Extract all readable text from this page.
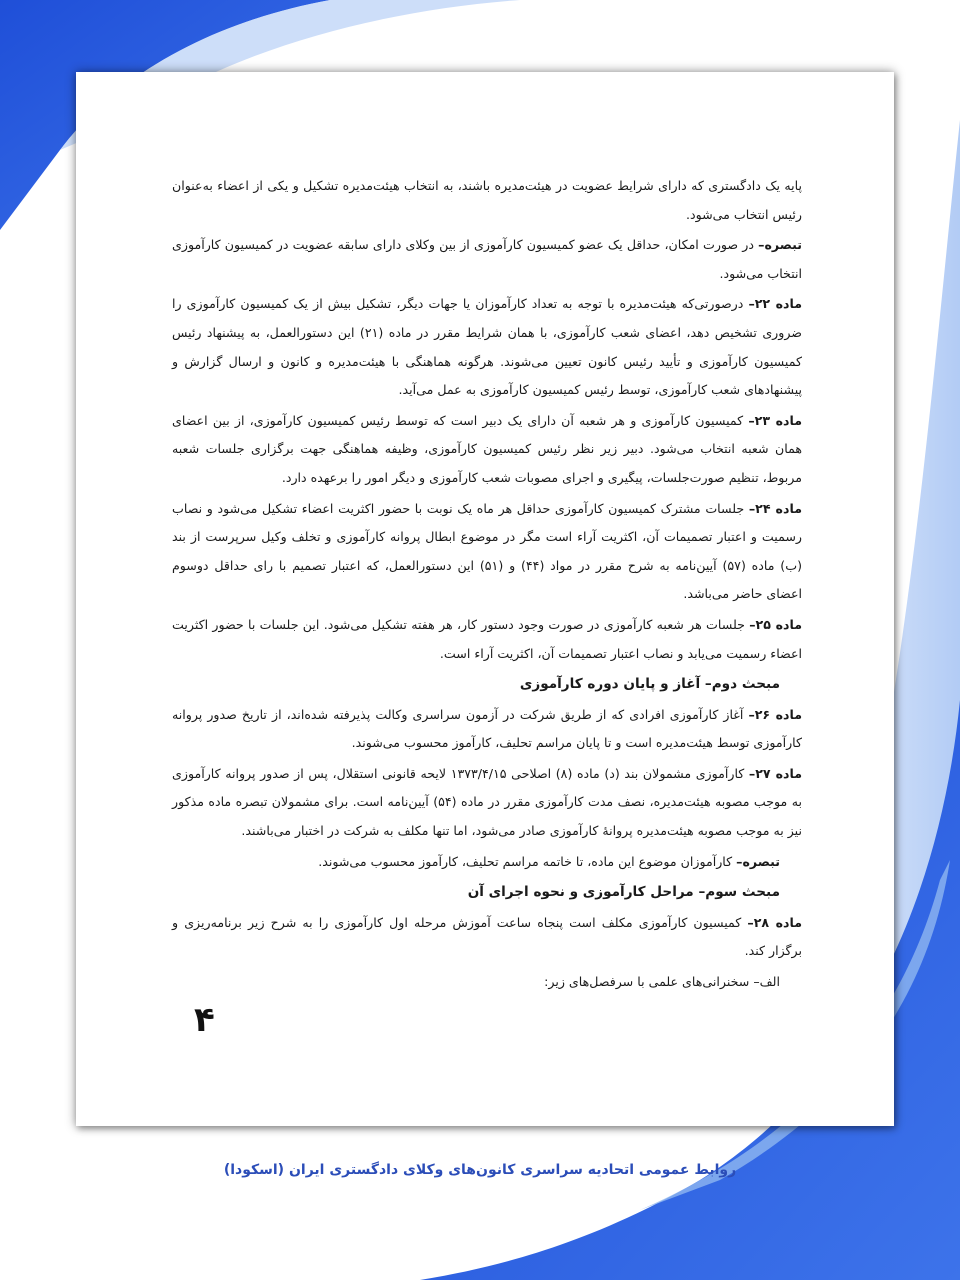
پایه یک دادگستری که دارای شرایط عضویت در هیئت‌مدیره باشند، به انتخاب هیئت‌مدیره تشکیل و یکی از اعضاء به‌عنوان رئیس انتخاب می‌شود.

تبصره– در صورت امکان، حداقل یک عضو کمیسیون کارآموزی از بین وکلای دارای سابقه عضویت در کمیسیون کارآموزی انتخاب می‌شود.

ماده ۲۲– درصورتی‌که هیئت‌مدیره با توجه به تعداد کارآموزان یا جهات دیگر، تشکیل بیش از یک کمیسیون کارآموزی را ضروری تشخیص دهد، اعضای شعب کارآموزی، با همان شرایط مقرر در ماده (۲۱) این دستورالعمل، به پیشنهاد رئیس کمیسیون کارآموزی و تأیید رئیس کانون تعیین می‌شوند. هرگونه هماهنگی با هیئت‌مدیره و کانون و ارسال گزارش و پیشنهادهای شعب کارآموزی، توسط رئیس کمیسیون کارآموزی به عمل می‌آید.

ماده ۲۳– کمیسیون کارآموزی و هر شعبه آن دارای یک دبیر است که توسط رئیس کمیسیون کارآموزی، از بین اعضای همان شعبه انتخاب می‌شود. دبیر زیر نظر رئیس کمیسیون کارآموزی، وظیفه هماهنگی جهت برگزاری جلسات شعبه مربوط، تنظیم صورت‌جلسات، پیگیری و اجرای مصوبات شعب کارآموزی و دیگر امور را برعهده دارد.

ماده ۲۴– جلسات مشترک کمیسیون کارآموزی حداقل هر ماه یک نوبت با حضور اکثریت اعضاء تشکیل می‌شود و نصاب رسمیت و اعتبار تصمیمات آن، اکثریت آراء است مگر در موضوع ابطال پروانه کارآموزی و تخلف وکیل سرپرست از بند (ب) ماده (۵۷) آیین‌نامه به شرح مقرر در مواد (۴۴) و (۵۱) این دستورالعمل، که اعتبار تصمیم با رای حداقل دوسوم اعضای حاضر می‌باشد.

ماده ۲۵– جلسات هر شعبه کارآموزی در صورت وجود دستور کار، هر هفته تشکیل می‌شود. این جلسات با حضور اکثریت اعضاء رسمیت می‌یابد و نصاب اعتبار تصمیمات آن، اکثریت آراء است.

مبحث دوم– آغاز و پایان دوره کارآموزی

ماده ۲۶– آغاز کارآموزی افرادی که از طریق شرکت در آزمون سراسری وکالت پذیرفته شده‌اند، از تاریخ صدور پروانه کارآموزی توسط هیئت‌مدیره است و تا پایان مراسم تحلیف، کارآموز محسوب می‌شوند.

ماده ۲۷– کارآموزی مشمولان بند (د) ماده (۸) اصلاحی ۱۳۷۳/۴/۱۵ لایحه قانونی استقلال، پس از صدور پروانه کارآموزی به موجب مصوبه هیئت‌مدیره، نصف مدت کارآموزی مقرر در ماده (۵۴) آیین‌نامه است. برای مشمولان تبصره ماده مذکور نیز به موجب مصوبه هیئت‌مدیره پروانهٔ کارآموزی صادر می‌شود، اما تنها مکلف به شرکت در اختبار می‌باشند.

تبصره– کارآموزان موضوع این ماده، تا خاتمه مراسم تحلیف، کارآموز محسوب می‌شوند.

مبحث سوم– مراحل کارآموزی و نحوه اجرای آن

ماده ۲۸– کمیسیون کارآموزی مکلف است پنجاه ساعت آموزش مرحله اول کارآموزی را به شرح زیر برنامه‌ریزی و برگزار کند.

الف– سخنرانی‌های علمی با سرفصل‌های زیر:

۴
روابط عمومی اتحادیه سراسری کانون‌های وکلای دادگستری ایران (اسکودا)
